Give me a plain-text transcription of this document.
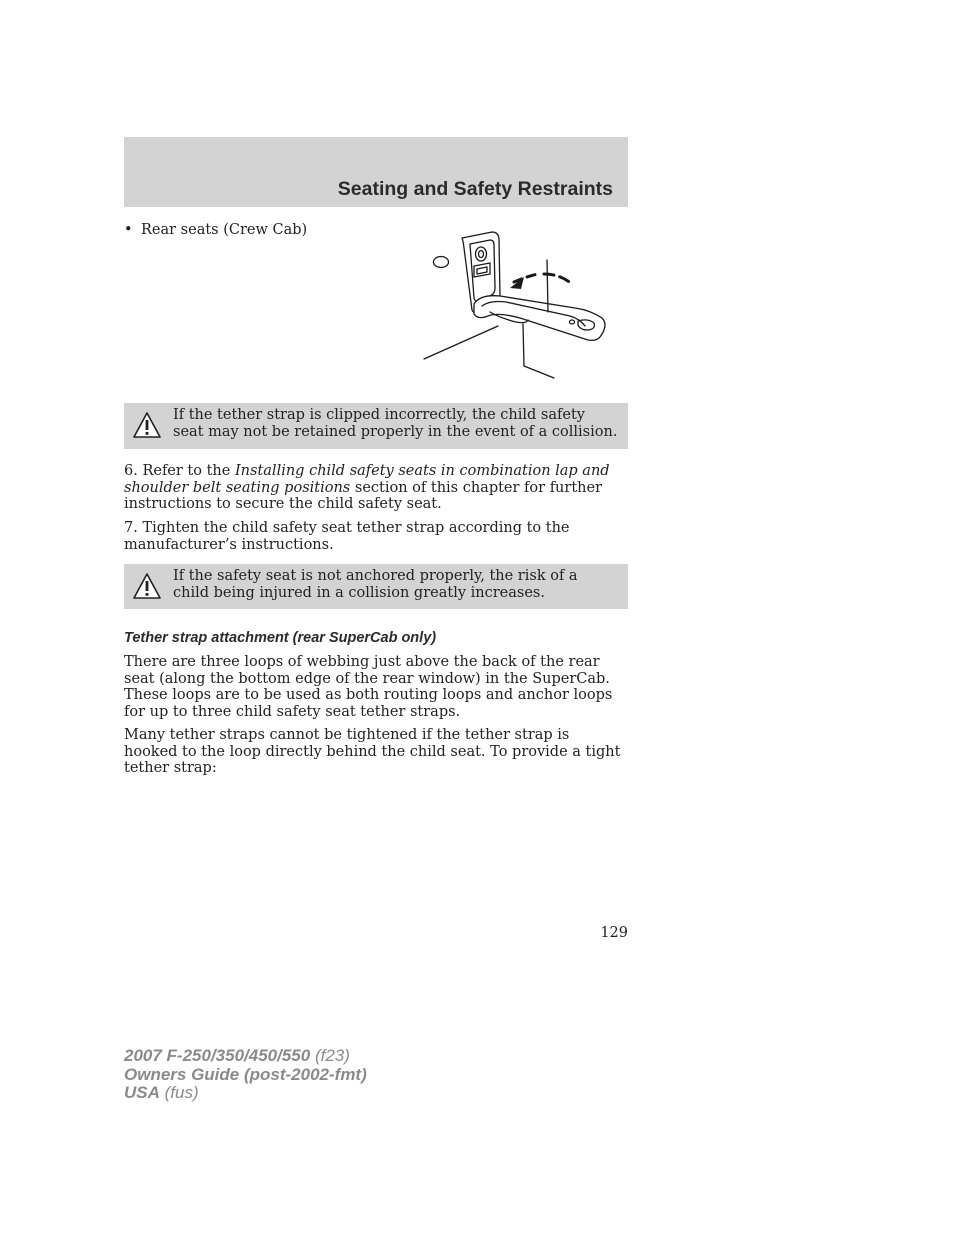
Seating and Safety Restraints
• Rear seats (Crew Cab)
If the tether strap is clipped incorrectly, the child safety seat may not be retained properly in the event of a collision.

6. Refer to the Installing child safety seats in combination lap and shoulder belt seating positions section of this chapter for further instructions to secure the child safety seat.

7. Tighten the child safety seat tether strap according to the manufacturer’s instructions.

If the safety seat is not anchored properly, the risk of a child being injured in a collision greatly increases.
Tether strap attachment (rear SuperCab only)

There are three loops of webbing just above the back of the rear seat (along the bottom edge of the rear window) in the SuperCab. These loops are to be used as both routing loops and anchor loops for up to three child safety seat tether straps.

Many tether straps cannot be tightened if the tether strap is hooked to the loop directly behind the child seat. To provide a tight tether strap:

129
2007 F-250/350/450/550 (f23)
Owners Guide (post-2002-fmt)
USA (fus)
